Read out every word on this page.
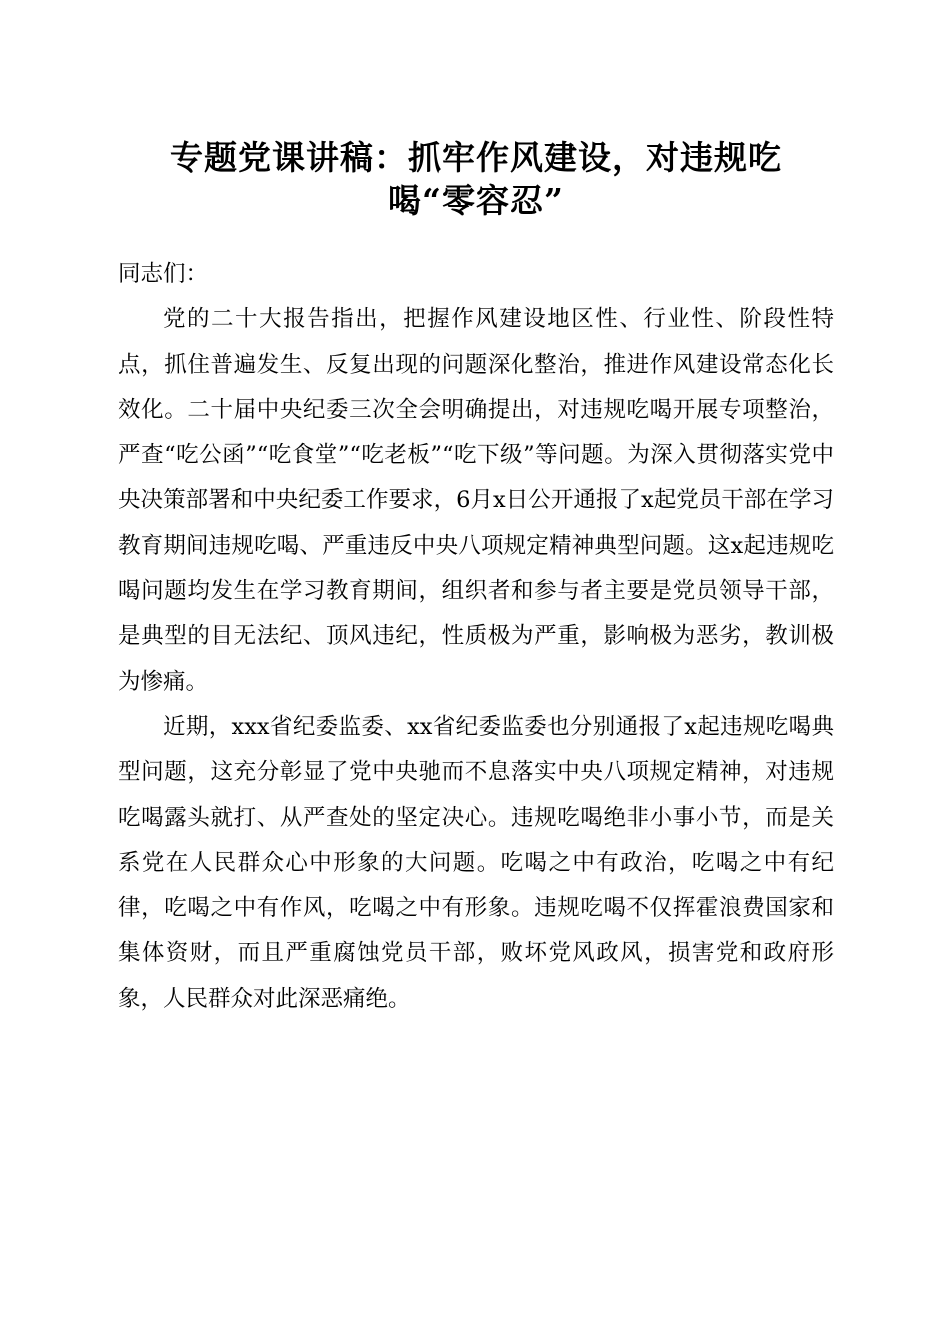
专题党课讲稿：抓牢作风建设，对违规吃
喝“零容忍”

同志们：

党的二十大报告指出，把握作风建设地区性、行业性、阶段性特点，抓住普遍发生、反复出现的问题深化整治，推进作风建设常态化长效化。二十届中央纪委三次全会明确提出，对违规吃喝开展专项整治，严查“吃公函”“吃食堂”“吃老板”“吃下级”等问题。为深入贯彻落实党中央决策部署和中央纪委工作要求，6月x日公开通报了x起党员干部在学习教育期间违规吃喝、严重违反中央八项规定精神典型问题。这x起违规吃喝问题均发生在学习教育期间，组织者和参与者主要是党员领导干部，是典型的目无法纪、顶风违纪，性质极为严重，影响极为恶劣，教训极为惨痛。

近期，xxx省纪委监委、xx省纪委监委也分别通报了x起违规吃喝典型问题，这充分彰显了党中央驰而不息落实中央八项规定精神，对违规吃喝露头就打、从严查处的坚定决心。违规吃喝绝非小事小节，而是关系党在人民群众心中形象的大问题。吃喝之中有政治，吃喝之中有纪律，吃喝之中有作风，吃喝之中有形象。违规吃喝不仅挥霍浪费国家和集体资财，而且严重腐蚀党员干部，败坏党风政风，损害党和政府形象，人民群众对此深恶痛绝。
